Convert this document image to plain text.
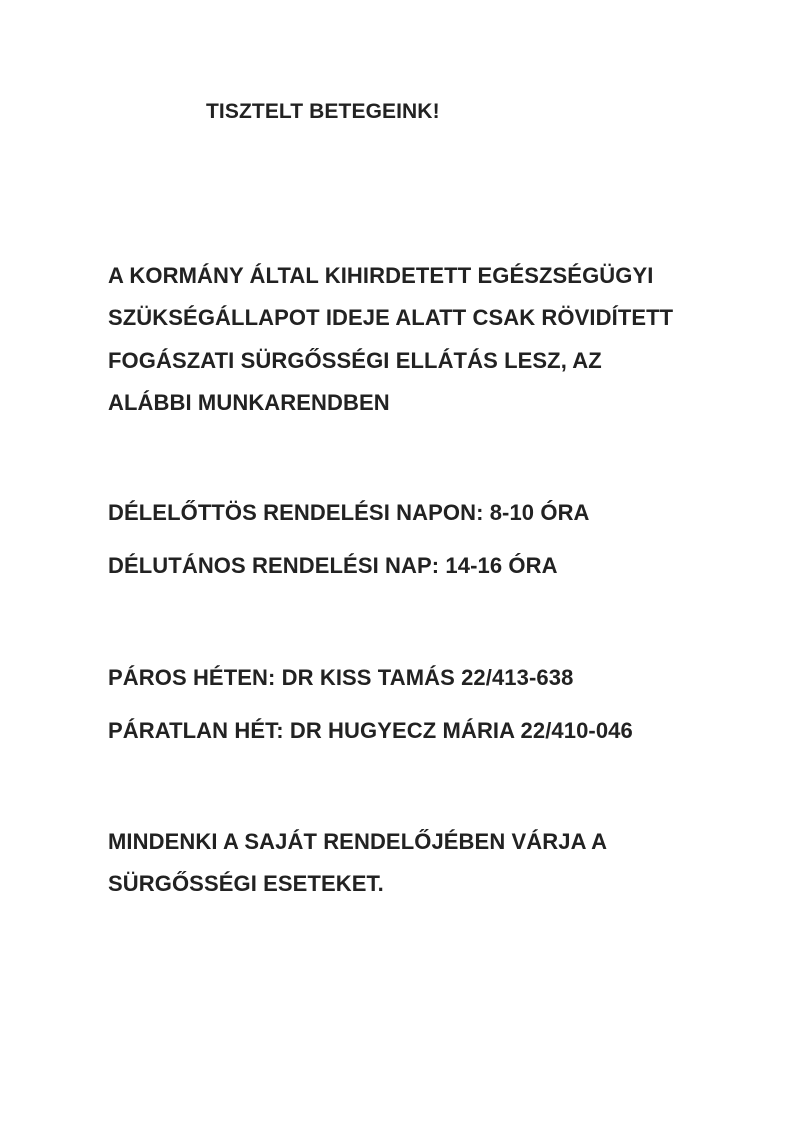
TISZTELT BETEGEINK!

A KORMÁNY ÁLTAL KIHIRDETETT EGÉSZSÉGÜGYI

SZÜKSÉGÁLLAPOT IDEJE ALATT CSAK RÖVIDÍTETT

FOGÁSZATI SÜRGŐSSÉGI ELLÁTÁS LESZ, AZ

ALÁBBI MUNKARENDBEN

DÉLELŐTTÖS RENDELÉSI NAPON: 8-10 ÓRA

DÉLUTÁNOS RENDELÉSI NAP: 14-16 ÓRA

PÁROS HÉTEN: DR KISS TAMÁS 22/413-638

PÁRATLAN HÉT: DR HUGYECZ MÁRIA 22/410-046

MINDENKI A SAJÁT RENDELŐJÉBEN VÁRJA A

SÜRGŐSSÉGI ESETEKET.
